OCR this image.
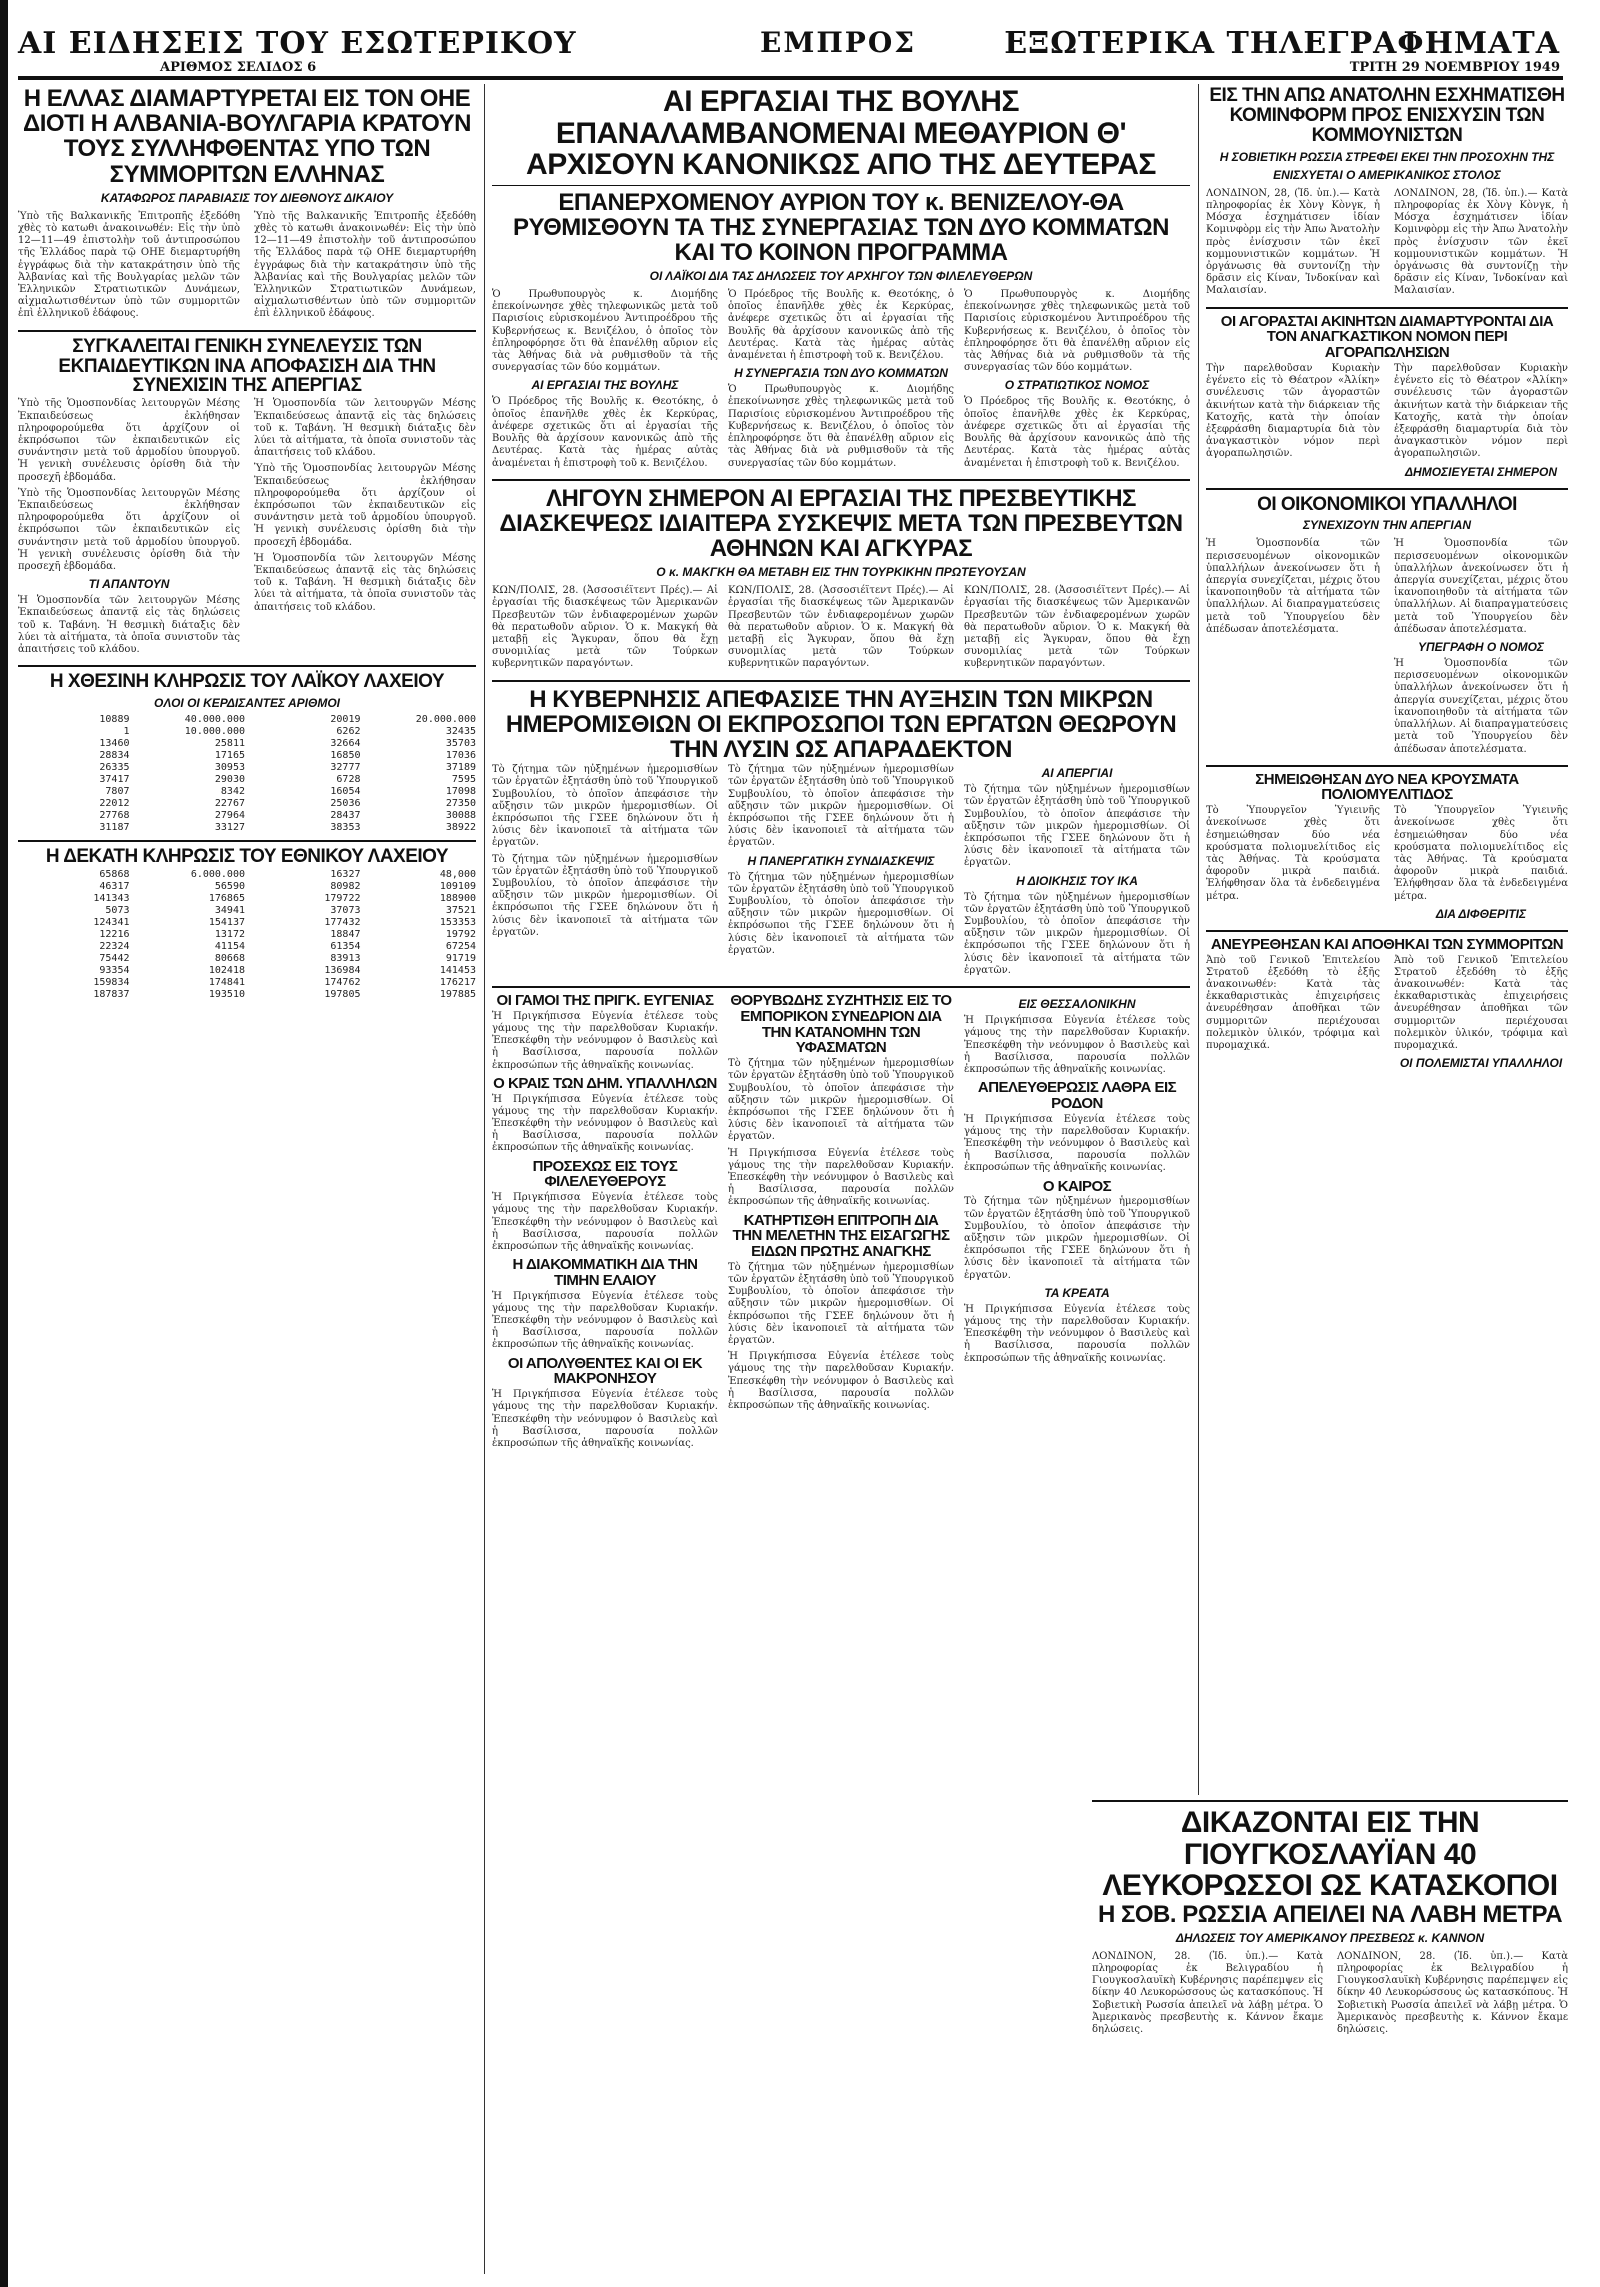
ΑΙ ΕΙΔΗΣΕΙΣ ΤΟΥ ΕΣΩΤΕΡΙΚΟΥ	ΕΜΠΡΟΣ	ΕΞΩΤΕΡΙΚΑ ΤΗΛΕΓΡΑΦΗΜΑΤΑ
ΑΡΙΘΜΟΣ ΣΕΛΙΔΟΣ 6	ΤΡΙΤΗ 29 ΝΟΕΜΒΡΙΟΥ 1949
Η ΕΛΛΑΣ ΔΙΑΜΑΡΤΥΡΕΤΑΙ ΕΙΣ ΤΟΝ ΟΗΕ ΔΙΟΤΙ Η ΑΛΒΑΝΙΑ-ΒΟΥΛΓΑΡΙΑ ΚΡΑΤΟΥΝ ΤΟΥΣ ΣΥΛΛΗΦΘΕΝΤΑΣ ΥΠΟ ΤΩΝ ΣΥΜΜΟΡΙΤΩΝ ΕΛΛΗΝΑΣ
ΚΑΤΑΦΩΡΟΣ ΠΑΡΑΒΙΑΣΙΣ ΤΟΥ ΔΙΕΘΝΟΥΣ ΔΙΚΑΙΟΥ

Ὑπὸ τῆς Βαλκανικῆς Ἐπιτροπῆς ἐξεδόθη χθὲς τὸ κατωθι ἀνακοινωθέν: Εἰς τὴν ὑπὸ 12—11—49 ἐπιστολὴν τοῦ ἀντιπροσώπου τῆς Ἑλλάδος παρὰ τῷ ΟΗΕ διεμαρτυρήθη ἐγγράφως διὰ τὴν κατακράτησιν ὑπὸ τῆς Ἀλβανίας καὶ τῆς Βουλγαρίας μελῶν τῶν Ἑλληνικῶν Στρατιωτικῶν Δυνάμεων, αἰχμαλωτισθέντων ὑπὸ τῶν συμμοριτῶν ἐπὶ ἑλληνικοῦ ἐδάφους.

Ὑπὸ τῆς Βαλκανικῆς Ἐπιτροπῆς ἐξεδόθη χθὲς τὸ κατωθι ἀνακοινωθέν: Εἰς τὴν ὑπὸ 12—11—49 ἐπιστολὴν τοῦ ἀντιπροσώπου τῆς Ἑλλάδος παρὰ τῷ ΟΗΕ διεμαρτυρήθη ἐγγράφως διὰ τὴν κατακράτησιν ὑπὸ τῆς Ἀλβανίας καὶ τῆς Βουλγαρίας μελῶν τῶν Ἑλληνικῶν Στρατιωτικῶν Δυνάμεων, αἰχμαλωτισθέντων ὑπὸ τῶν συμμοριτῶν ἐπὶ ἑλληνικοῦ ἐδάφους.

ΣΥΓΚΑΛΕΙΤΑΙ ΓΕΝΙΚΗ ΣΥΝΕΛΕΥΣΙΣ ΤΩΝ ΕΚΠΑΙΔΕΥΤΙΚΩΝ ΙΝΑ ΑΠΟΦΑΣΙΣΗ ΔΙΑ ΤΗΝ ΣΥΝΕΧΙΣΙΝ ΤΗΣ ΑΠΕΡΓΙΑΣ

Ὑπὸ τῆς Ὁμοσπονδίας λειτουργῶν Μέσης Ἐκπαιδεύσεως ἐκλήθησαν πληροφορούμεθα ὅτι ἀρχίζουν οἱ ἐκπρόσωποι τῶν ἐκπαιδευτικῶν εἰς συνάντησιν μετὰ τοῦ ἁρμοδίου ὑπουργοῦ. Ἡ γενικὴ συνέλευσις ὁρίσθη διὰ τὴν προσεχῆ ἑβδομάδα.

Ὑπὸ τῆς Ὁμοσπονδίας λειτουργῶν Μέσης Ἐκπαιδεύσεως ἐκλήθησαν πληροφορούμεθα ὅτι ἀρχίζουν οἱ ἐκπρόσωποι τῶν ἐκπαιδευτικῶν εἰς συνάντησιν μετὰ τοῦ ἁρμοδίου ὑπουργοῦ. Ἡ γενικὴ συνέλευσις ὁρίσθη διὰ τὴν προσεχῆ ἑβδομάδα.

ΤΙ ΑΠΑΝΤΟΥΝ

Ἡ Ὁμοσπονδία τῶν λειτουργῶν Μέσης Ἐκπαιδεύσεως ἀπαντᾷ εἰς τὰς δηλώσεις τοῦ κ. Ταβάνη. Ἡ θεσμικὴ διάταξις δὲν λύει τὰ αἰτήματα, τὰ ὁποῖα συνιστοῦν τὰς ἀπαιτήσεις τοῦ κλάδου.

Ἡ Ὁμοσπονδία τῶν λειτουργῶν Μέσης Ἐκπαιδεύσεως ἀπαντᾷ εἰς τὰς δηλώσεις τοῦ κ. Ταβάνη. Ἡ θεσμικὴ διάταξις δὲν λύει τὰ αἰτήματα, τὰ ὁποῖα συνιστοῦν τὰς ἀπαιτήσεις τοῦ κλάδου.

Ὑπὸ τῆς Ὁμοσπονδίας λειτουργῶν Μέσης Ἐκπαιδεύσεως ἐκλήθησαν πληροφορούμεθα ὅτι ἀρχίζουν οἱ ἐκπρόσωποι τῶν ἐκπαιδευτικῶν εἰς συνάντησιν μετὰ τοῦ ἁρμοδίου ὑπουργοῦ. Ἡ γενικὴ συνέλευσις ὁρίσθη διὰ τὴν προσεχῆ ἑβδομάδα.

Ἡ Ὁμοσπονδία τῶν λειτουργῶν Μέσης Ἐκπαιδεύσεως ἀπαντᾷ εἰς τὰς δηλώσεις τοῦ κ. Ταβάνη. Ἡ θεσμικὴ διάταξις δὲν λύει τὰ αἰτήματα, τὰ ὁποῖα συνιστοῦν τὰς ἀπαιτήσεις τοῦ κλάδου.

Η ΧΘΕΣΙΝΗ ΚΛΗΡΩΣΙΣ ΤΟΥ ΛΑΪΚΟΥ ΛΑΧΕΙΟΥ
ΟΛΟΙ ΟΙ ΚΕΡΔΙΣΑΝΤΕΣ ΑΡΙΘΜΟΙ
10889	40.000.000	20019	20.000.000
1	10.000.000	6262	32435
13460	25811	32664	35703
28834	17165	16850	17036
26335	30953	32777	37189
37417	29030	6728	7595
7807	8342	16054	17098
22012	22767	25036	27350
27768	27964	28437	30088
31187	33127	38353	38922
Η ΔΕΚΑΤΗ ΚΛΗΡΩΣΙΣ ΤΟΥ ΕΘΝΙΚΟΥ ΛΑΧΕΙΟΥ
65868	6.000.000	16327	48,000
46317	56590	80982	109109
141343	176865	179722	188900
5073	34941	37073	37521
124341	154137	177432	153353
12216	13172	18847	19792
22324	41154	61354	67254
75442	80668	83913	91719
93354	102418	136984	141453
159834	174841	174762	176217
187837	193510	197805	197885
ΑΙ ΕΡΓΑΣΙΑΙ ΤΗΣ ΒΟΥΛΗΣ ΕΠΑΝΑΛΑΜΒΑΝΟΜΕΝΑΙ ΜΕΘΑΥΡΙΟΝ Θ' ΑΡΧΙΣΟΥΝ ΚΑΝΟΝΙΚΩΣ ΑΠΟ ΤΗΣ ΔΕΥΤΕΡΑΣ
ΕΠΑΝΕΡΧΟΜΕΝΟΥ ΑΥΡΙΟΝ ΤΟΥ κ. ΒΕΝΙΖΕΛΟΥ-ΘΑ ΡΥΘΜΙΣΘΟΥΝ ΤΑ ΤΗΣ ΣΥΝΕΡΓΑΣΙΑΣ ΤΩΝ ΔΥΟ ΚΟΜΜΑΤΩΝ ΚΑΙ ΤΟ ΚΟΙΝΟΝ ΠΡΟΓΡΑΜΜΑ
ΟΙ ΛΑΪΚΟΙ ΔΙΑ ΤΑΣ ΔΗΛΩΣΕΙΣ ΤΟΥ ΑΡΧΗΓΟΥ ΤΩΝ ΦΙΛΕΛΕΥΘΕΡΩΝ

Ὁ Πρωθυπουργὸς κ. Διομήδης ἐπεκοίνωνησε χθὲς τηλεφωνικῶς μετὰ τοῦ Παρισίοις εὑρισκομένου Ἀντιπροέδρου τῆς Κυβερνήσεως κ. Βενιζέλου, ὁ ὁποῖος τὸν ἐπληροφόρησε ὅτι θὰ ἐπανέλθῃ αὔριον εἰς τὰς Ἀθήνας διὰ νὰ ρυθμισθοῦν τὰ τῆς συνεργασίας τῶν δύο κομμάτων.

ΑΙ ΕΡΓΑΣΙΑΙ ΤΗΣ ΒΟΥΛΗΣ

Ὁ Πρόεδρος τῆς Βουλῆς κ. Θεοτόκης, ὁ ὁποῖος ἐπανῆλθε χθὲς ἐκ Κερκύρας, ἀνέφερε σχετικῶς ὅτι αἱ ἐργασίαι τῆς Βουλῆς θὰ ἀρχίσουν κανονικῶς ἀπὸ τῆς Δευτέρας. Κατὰ τὰς ἡμέρας αὐτὰς ἀναμένεται ἡ ἐπιστροφὴ τοῦ κ. Βενιζέλου.

Ὁ Πρόεδρος τῆς Βουλῆς κ. Θεοτόκης, ὁ ὁποῖος ἐπανῆλθε χθὲς ἐκ Κερκύρας, ἀνέφερε σχετικῶς ὅτι αἱ ἐργασίαι τῆς Βουλῆς θὰ ἀρχίσουν κανονικῶς ἀπὸ τῆς Δευτέρας. Κατὰ τὰς ἡμέρας αὐτὰς ἀναμένεται ἡ ἐπιστροφὴ τοῦ κ. Βενιζέλου.

Η ΣΥΝΕΡΓΑΣΙΑ ΤΩΝ ΔΥΟ ΚΟΜΜΑΤΩΝ

Ὁ Πρωθυπουργὸς κ. Διομήδης ἐπεκοίνωνησε χθὲς τηλεφωνικῶς μετὰ τοῦ Παρισίοις εὑρισκομένου Ἀντιπροέδρου τῆς Κυβερνήσεως κ. Βενιζέλου, ὁ ὁποῖος τὸν ἐπληροφόρησε ὅτι θὰ ἐπανέλθῃ αὔριον εἰς τὰς Ἀθήνας διὰ νὰ ρυθμισθοῦν τὰ τῆς συνεργασίας τῶν δύο κομμάτων.

Ὁ Πρωθυπουργὸς κ. Διομήδης ἐπεκοίνωνησε χθὲς τηλεφωνικῶς μετὰ τοῦ Παρισίοις εὑρισκομένου Ἀντιπροέδρου τῆς Κυβερνήσεως κ. Βενιζέλου, ὁ ὁποῖος τὸν ἐπληροφόρησε ὅτι θὰ ἐπανέλθῃ αὔριον εἰς τὰς Ἀθήνας διὰ νὰ ρυθμισθοῦν τὰ τῆς συνεργασίας τῶν δύο κομμάτων.

Ο ΣΤΡΑΤΙΩΤΙΚΟΣ ΝΟΜΟΣ

Ὁ Πρόεδρος τῆς Βουλῆς κ. Θεοτόκης, ὁ ὁποῖος ἐπανῆλθε χθὲς ἐκ Κερκύρας, ἀνέφερε σχετικῶς ὅτι αἱ ἐργασίαι τῆς Βουλῆς θὰ ἀρχίσουν κανονικῶς ἀπὸ τῆς Δευτέρας. Κατὰ τὰς ἡμέρας αὐτὰς ἀναμένεται ἡ ἐπιστροφὴ τοῦ κ. Βενιζέλου.

ΛΗΓΟΥΝ ΣΗΜΕΡΟΝ ΑΙ ΕΡΓΑΣΙΑΙ ΤΗΣ ΠΡΕΣΒΕΥΤΙΚΗΣ ΔΙΑΣΚΕΨΕΩΣ ΙΔΙΑΙΤΕΡΑ ΣΥΣΚΕΨΙΣ ΜΕΤΑ ΤΩΝ ΠΡΕΣΒΕΥΤΩΝ ΑΘΗΝΩΝ ΚΑΙ ΑΓΚΥΡΑΣ
Ο κ. ΜΑΚΓΚΗ ΘΑ ΜΕΤΑΒΗ ΕΙΣ ΤΗΝ ΤΟΥΡΚΙΚΗΝ ΠΡΩΤΕΥΟΥΣΑΝ

ΚΩΝ/ΠΟΛΙΣ, 28. (Ἀσσοσιέϊτεντ Πρές).— Αἱ ἐργασίαι τῆς διασκέψεως τῶν Ἀμερικανῶν Πρεσβευτῶν τῶν ἐνδιαφερομένων χωρῶν θὰ περατωθοῦν αὔριον. Ὁ κ. Μακγκή θὰ μεταβῇ εἰς Ἄγκυραν, ὅπου θὰ ἔχῃ συνομιλίας μετὰ τῶν Τούρκων κυβερνητικῶν παραγόντων.

ΚΩΝ/ΠΟΛΙΣ, 28. (Ἀσσοσιέϊτεντ Πρές).— Αἱ ἐργασίαι τῆς διασκέψεως τῶν Ἀμερικανῶν Πρεσβευτῶν τῶν ἐνδιαφερομένων χωρῶν θὰ περατωθοῦν αὔριον. Ὁ κ. Μακγκή θὰ μεταβῇ εἰς Ἄγκυραν, ὅπου θὰ ἔχῃ συνομιλίας μετὰ τῶν Τούρκων κυβερνητικῶν παραγόντων.

ΚΩΝ/ΠΟΛΙΣ, 28. (Ἀσσοσιέϊτεντ Πρές).— Αἱ ἐργασίαι τῆς διασκέψεως τῶν Ἀμερικανῶν Πρεσβευτῶν τῶν ἐνδιαφερομένων χωρῶν θὰ περατωθοῦν αὔριον. Ὁ κ. Μακγκή θὰ μεταβῇ εἰς Ἄγκυραν, ὅπου θὰ ἔχῃ συνομιλίας μετὰ τῶν Τούρκων κυβερνητικῶν παραγόντων.

Η ΚΥΒΕΡΝΗΣΙΣ ΑΠΕΦΑΣΙΣΕ ΤΗΝ ΑΥΞΗΣΙΝ ΤΩΝ ΜΙΚΡΩΝ ΗΜΕΡΟΜΙΣΘΙΩΝ ΟΙ ΕΚΠΡΟΣΩΠΟΙ ΤΩΝ ΕΡΓΑΤΩΝ ΘΕΩΡΟΥΝ ΤΗΝ ΛΥΣΙΝ ΩΣ ΑΠΑΡΑΔΕΚΤΟΝ

Τὸ ζήτημα τῶν ηὐξημένων ἡμερομισθίων τῶν ἐργατῶν ἐξητάσθη ὑπὸ τοῦ Ὑπουργικοῦ Συμβουλίου, τὸ ὁποῖον ἀπεφάσισε τὴν αὔξησιν τῶν μικρῶν ἡμερομισθίων. Οἱ ἐκπρόσωποι τῆς ΓΣΕΕ δηλώνουν ὅτι ἡ λύσις δὲν ἱκανοποιεῖ τὰ αἰτήματα τῶν ἐργατῶν.

Τὸ ζήτημα τῶν ηὐξημένων ἡμερομισθίων τῶν ἐργατῶν ἐξητάσθη ὑπὸ τοῦ Ὑπουργικοῦ Συμβουλίου, τὸ ὁποῖον ἀπεφάσισε τὴν αὔξησιν τῶν μικρῶν ἡμερομισθίων. Οἱ ἐκπρόσωποι τῆς ΓΣΕΕ δηλώνουν ὅτι ἡ λύσις δὲν ἱκανοποιεῖ τὰ αἰτήματα τῶν ἐργατῶν.

Τὸ ζήτημα τῶν ηὐξημένων ἡμερομισθίων τῶν ἐργατῶν ἐξητάσθη ὑπὸ τοῦ Ὑπουργικοῦ Συμβουλίου, τὸ ὁποῖον ἀπεφάσισε τὴν αὔξησιν τῶν μικρῶν ἡμερομισθίων. Οἱ ἐκπρόσωποι τῆς ΓΣΕΕ δηλώνουν ὅτι ἡ λύσις δὲν ἱκανοποιεῖ τὰ αἰτήματα τῶν ἐργατῶν.

Η ΠΑΝΕΡΓΑΤΙΚΗ ΣΥΝΔΙΑΣΚΕΨΙΣ

Τὸ ζήτημα τῶν ηὐξημένων ἡμερομισθίων τῶν ἐργατῶν ἐξητάσθη ὑπὸ τοῦ Ὑπουργικοῦ Συμβουλίου, τὸ ὁποῖον ἀπεφάσισε τὴν αὔξησιν τῶν μικρῶν ἡμερομισθίων. Οἱ ἐκπρόσωποι τῆς ΓΣΕΕ δηλώνουν ὅτι ἡ λύσις δὲν ἱκανοποιεῖ τὰ αἰτήματα τῶν ἐργατῶν.

ΑΙ ΑΠΕΡΓΙΑΙ

Τὸ ζήτημα τῶν ηὐξημένων ἡμερομισθίων τῶν ἐργατῶν ἐξητάσθη ὑπὸ τοῦ Ὑπουργικοῦ Συμβουλίου, τὸ ὁποῖον ἀπεφάσισε τὴν αὔξησιν τῶν μικρῶν ἡμερομισθίων. Οἱ ἐκπρόσωποι τῆς ΓΣΕΕ δηλώνουν ὅτι ἡ λύσις δὲν ἱκανοποιεῖ τὰ αἰτήματα τῶν ἐργατῶν.

Η ΔΙΟΙΚΗΣΙΣ ΤΟΥ ΙΚΑ

Τὸ ζήτημα τῶν ηὐξημένων ἡμερομισθίων τῶν ἐργατῶν ἐξητάσθη ὑπὸ τοῦ Ὑπουργικοῦ Συμβουλίου, τὸ ὁποῖον ἀπεφάσισε τὴν αὔξησιν τῶν μικρῶν ἡμερομισθίων. Οἱ ἐκπρόσωποι τῆς ΓΣΕΕ δηλώνουν ὅτι ἡ λύσις δὲν ἱκανοποιεῖ τὰ αἰτήματα τῶν ἐργατῶν.

ΟΙ ΓΑΜΟΙ ΤΗΣ ΠΡΙΓΚ. ΕΥΓΕΝΙΑΣ

Ἡ Πριγκήπισσα Εὐγενία ἐτέλεσε τοὺς γάμους της τὴν παρελθοῦσαν Κυριακήν. Ἐπεσκέφθη τὴν νεόνυμφον ὁ Βασιλεὺς καὶ ἡ Βασίλισσα, παρουσία πολλῶν ἐκπροσώπων τῆς ἀθηναϊκῆς κοινωνίας.

Ο ΚΡΑΙΣ ΤΩΝ ΔΗΜ. ΥΠΑΛΛΗΛΩΝ

Ἡ Πριγκήπισσα Εὐγενία ἐτέλεσε τοὺς γάμους της τὴν παρελθοῦσαν Κυριακήν. Ἐπεσκέφθη τὴν νεόνυμφον ὁ Βασιλεὺς καὶ ἡ Βασίλισσα, παρουσία πολλῶν ἐκπροσώπων τῆς ἀθηναϊκῆς κοινωνίας.

ΠΡΟΣΕΧΩΣ ΕΙΣ ΤΟΥΣ ΦΙΛΕΛΕΥΘΕΡΟΥΣ

Ἡ Πριγκήπισσα Εὐγενία ἐτέλεσε τοὺς γάμους της τὴν παρελθοῦσαν Κυριακήν. Ἐπεσκέφθη τὴν νεόνυμφον ὁ Βασιλεὺς καὶ ἡ Βασίλισσα, παρουσία πολλῶν ἐκπροσώπων τῆς ἀθηναϊκῆς κοινωνίας.

Η ΔΙΑΚΟΜΜΑΤΙΚΗ ΔΙΑ ΤΗΝ ΤΙΜΗΝ ΕΛΑΙΟΥ

Ἡ Πριγκήπισσα Εὐγενία ἐτέλεσε τοὺς γάμους της τὴν παρελθοῦσαν Κυριακήν. Ἐπεσκέφθη τὴν νεόνυμφον ὁ Βασιλεὺς καὶ ἡ Βασίλισσα, παρουσία πολλῶν ἐκπροσώπων τῆς ἀθηναϊκῆς κοινωνίας.

ΟΙ ΑΠΟΛΥΘΕΝΤΕΣ ΚΑΙ ΟΙ ΕΚ ΜΑΚΡΟΝΗΣΟΥ

Ἡ Πριγκήπισσα Εὐγενία ἐτέλεσε τοὺς γάμους της τὴν παρελθοῦσαν Κυριακήν. Ἐπεσκέφθη τὴν νεόνυμφον ὁ Βασιλεὺς καὶ ἡ Βασίλισσα, παρουσία πολλῶν ἐκπροσώπων τῆς ἀθηναϊκῆς κοινωνίας.

ΘΟΡΥΒΩΔΗΣ ΣΥΖΗΤΗΣΙΣ ΕΙΣ ΤΟ ΕΜΠΟΡΙΚΟΝ ΣΥΝΕΔΡΙΟΝ ΔΙΑ ΤΗΝ ΚΑΤΑΝΟΜΗΝ ΤΩΝ ΥΦΑΣΜΑΤΩΝ

Τὸ ζήτημα τῶν ηὐξημένων ἡμερομισθίων τῶν ἐργατῶν ἐξητάσθη ὑπὸ τοῦ Ὑπουργικοῦ Συμβουλίου, τὸ ὁποῖον ἀπεφάσισε τὴν αὔξησιν τῶν μικρῶν ἡμερομισθίων. Οἱ ἐκπρόσωποι τῆς ΓΣΕΕ δηλώνουν ὅτι ἡ λύσις δὲν ἱκανοποιεῖ τὰ αἰτήματα τῶν ἐργατῶν.

Ἡ Πριγκήπισσα Εὐγενία ἐτέλεσε τοὺς γάμους της τὴν παρελθοῦσαν Κυριακήν. Ἐπεσκέφθη τὴν νεόνυμφον ὁ Βασιλεὺς καὶ ἡ Βασίλισσα, παρουσία πολλῶν ἐκπροσώπων τῆς ἀθηναϊκῆς κοινωνίας.

ΚΑΤΗΡΤΙΣΘΗ ΕΠΙΤΡΟΠΗ ΔΙΑ ΤΗΝ ΜΕΛΕΤΗΝ ΤΗΣ ΕΙΣΑΓΩΓΗΣ ΕΙΔΩΝ ΠΡΩΤΗΣ ΑΝΑΓΚΗΣ

Τὸ ζήτημα τῶν ηὐξημένων ἡμερομισθίων τῶν ἐργατῶν ἐξητάσθη ὑπὸ τοῦ Ὑπουργικοῦ Συμβουλίου, τὸ ὁποῖον ἀπεφάσισε τὴν αὔξησιν τῶν μικρῶν ἡμερομισθίων. Οἱ ἐκπρόσωποι τῆς ΓΣΕΕ δηλώνουν ὅτι ἡ λύσις δὲν ἱκανοποιεῖ τὰ αἰτήματα τῶν ἐργατῶν.

Ἡ Πριγκήπισσα Εὐγενία ἐτέλεσε τοὺς γάμους της τὴν παρελθοῦσαν Κυριακήν. Ἐπεσκέφθη τὴν νεόνυμφον ὁ Βασιλεὺς καὶ ἡ Βασίλισσα, παρουσία πολλῶν ἐκπροσώπων τῆς ἀθηναϊκῆς κοινωνίας.

ΕΙΣ ΘΕΣΣΑΛΟΝΙΚΗΝ

Ἡ Πριγκήπισσα Εὐγενία ἐτέλεσε τοὺς γάμους της τὴν παρελθοῦσαν Κυριακήν. Ἐπεσκέφθη τὴν νεόνυμφον ὁ Βασιλεὺς καὶ ἡ Βασίλισσα, παρουσία πολλῶν ἐκπροσώπων τῆς ἀθηναϊκῆς κοινωνίας.

ΑΠΕΛΕΥΘΕΡΩΣΙΣ ΛΑΘΡΑ ΕΙΣ ΡΟΔΟΝ

Ἡ Πριγκήπισσα Εὐγενία ἐτέλεσε τοὺς γάμους της τὴν παρελθοῦσαν Κυριακήν. Ἐπεσκέφθη τὴν νεόνυμφον ὁ Βασιλεὺς καὶ ἡ Βασίλισσα, παρουσία πολλῶν ἐκπροσώπων τῆς ἀθηναϊκῆς κοινωνίας.

Ο ΚΑΙΡΟΣ

Τὸ ζήτημα τῶν ηὐξημένων ἡμερομισθίων τῶν ἐργατῶν ἐξητάσθη ὑπὸ τοῦ Ὑπουργικοῦ Συμβουλίου, τὸ ὁποῖον ἀπεφάσισε τὴν αὔξησιν τῶν μικρῶν ἡμερομισθίων. Οἱ ἐκπρόσωποι τῆς ΓΣΕΕ δηλώνουν ὅτι ἡ λύσις δὲν ἱκανοποιεῖ τὰ αἰτήματα τῶν ἐργατῶν.

ΤΑ ΚΡΕΑΤΑ

Ἡ Πριγκήπισσα Εὐγενία ἐτέλεσε τοὺς γάμους της τὴν παρελθοῦσαν Κυριακήν. Ἐπεσκέφθη τὴν νεόνυμφον ὁ Βασιλεὺς καὶ ἡ Βασίλισσα, παρουσία πολλῶν ἐκπροσώπων τῆς ἀθηναϊκῆς κοινωνίας.

ΕΙΣ ΤΗΝ ΑΠΩ ΑΝΑΤΟΛΗΝ ΕΣΧΗΜΑΤΙΣΘΗ ΚΟΜΙΝΦΟΡΜ ΠΡΟΣ ΕΝΙΣΧΥΣΙΝ ΤΩΝ ΚΟΜΜΟΥΝΙΣΤΩΝ
Η ΣΟΒΙΕΤΙΚΗ ΡΩΣΣΙΑ ΣΤΡΕΦΕΙ ΕΚΕΙ ΤΗΝ ΠΡΟΣΟΧΗΝ ΤΗΣ
ΕΝΙΣΧΥΕΤΑΙ Ο ΑΜΕΡΙΚΑΝΙΚΟΣ ΣΤΟΛΟΣ

ΛΟΝΔΙΝΟΝ, 28, (Ἰδ. ὑπ.).— Κατὰ πληροφορίας ἐκ Χὸνγ Κὸνγκ, ἡ Μόσχα ἐσχημάτισεν ἰδίαν Κομινφὸρμ εἰς τὴν Ἀπω Ἀνατολὴν πρὸς ἐνίσχυσιν τῶν ἐκεῖ κομμουνιστικῶν κομμάτων. Ἡ ὀργάνωσις θὰ συντονίζῃ τὴν δρᾶσιν εἰς Κίναν, Ἰνδοκίναν καὶ Μαλαισίαν.

ΛΟΝΔΙΝΟΝ, 28, (Ἰδ. ὑπ.).— Κατὰ πληροφορίας ἐκ Χὸνγ Κὸνγκ, ἡ Μόσχα ἐσχημάτισεν ἰδίαν Κομινφὸρμ εἰς τὴν Ἀπω Ἀνατολὴν πρὸς ἐνίσχυσιν τῶν ἐκεῖ κομμουνιστικῶν κομμάτων. Ἡ ὀργάνωσις θὰ συντονίζῃ τὴν δρᾶσιν εἰς Κίναν, Ἰνδοκίναν καὶ Μαλαισίαν.

ΟΙ ΑΓΟΡΑΣΤΑΙ ΑΚΙΝΗΤΩΝ ΔΙΑΜΑΡΤΥΡΟΝΤΑΙ ΔΙΑ ΤΟΝ ΑΝΑΓΚΑΣΤΙΚΟΝ ΝΟΜΟΝ ΠΕΡΙ ΑΓΟΡΑΠΩΛΗΣΙΩΝ

Τὴν παρελθοῦσαν Κυριακὴν ἐγένετο εἰς τὸ Θέατρον «Ἀλίκη» συνέλευσις τῶν ἀγοραστῶν ἀκινήτων κατὰ τὴν διάρκειαν τῆς Κατοχῆς, κατὰ τὴν ὁποίαν ἐξεφράσθη διαμαρτυρία διὰ τὸν ἀναγκαστικὸν νόμον περὶ ἀγοραπωλησιῶν.

Τὴν παρελθοῦσαν Κυριακὴν ἐγένετο εἰς τὸ Θέατρον «Ἀλίκη» συνέλευσις τῶν ἀγοραστῶν ἀκινήτων κατὰ τὴν διάρκειαν τῆς Κατοχῆς, κατὰ τὴν ὁποίαν ἐξεφράσθη διαμαρτυρία διὰ τὸν ἀναγκαστικὸν νόμον περὶ ἀγοραπωλησιῶν.

ΔΗΜΟΣΙΕΥΕΤΑΙ ΣΗΜΕΡΟΝ
ΟΙ ΟΙΚΟΝΟΜΙΚΟΙ ΥΠΑΛΛΗΛΟΙ
ΣΥΝΕΧΙΖΟΥΝ ΤΗΝ ΑΠΕΡΓΙΑΝ

Ἡ Ὁμοσπονδία τῶν περισσευομένων οἰκονομικῶν ὑπαλλήλων ἀνεκοίνωσεν ὅτι ἡ ἀπεργία συνεχίζεται, μέχρις ὅτου ἱκανοποιηθοῦν τὰ αἰτήματα τῶν ὑπαλλήλων. Αἱ διαπραγματεύσεις μετὰ τοῦ Ὑπουργείου δὲν ἀπέδωσαν ἀποτελέσματα.

Ἡ Ὁμοσπονδία τῶν περισσευομένων οἰκονομικῶν ὑπαλλήλων ἀνεκοίνωσεν ὅτι ἡ ἀπεργία συνεχίζεται, μέχρις ὅτου ἱκανοποιηθοῦν τὰ αἰτήματα τῶν ὑπαλλήλων. Αἱ διαπραγματεύσεις μετὰ τοῦ Ὑπουργείου δὲν ἀπέδωσαν ἀποτελέσματα.

ΥΠΕΓΡΑΦΗ Ο ΝΟΜΟΣ

Ἡ Ὁμοσπονδία τῶν περισσευομένων οἰκονομικῶν ὑπαλλήλων ἀνεκοίνωσεν ὅτι ἡ ἀπεργία συνεχίζεται, μέχρις ὅτου ἱκανοποιηθοῦν τὰ αἰτήματα τῶν ὑπαλλήλων. Αἱ διαπραγματεύσεις μετὰ τοῦ Ὑπουργείου δὲν ἀπέδωσαν ἀποτελέσματα.

ΣΗΜΕΙΩΘΗΣΑΝ ΔΥΟ ΝΕΑ ΚΡΟΥΣΜΑΤΑ ΠΟΛΙΟΜΥΕΛΙΤΙΔΟΣ

Τὸ Ὑπουργεῖον Ὑγιεινῆς ἀνεκοίνωσε χθὲς ὅτι ἐσημειώθησαν δύο νέα κρούσματα πολιομυελίτιδος εἰς τὰς Ἀθήνας. Τὰ κρούσματα ἀφοροῦν μικρὰ παιδιά. Ἐλήφθησαν ὅλα τὰ ἐνδεδειγμένα μέτρα.

Τὸ Ὑπουργεῖον Ὑγιεινῆς ἀνεκοίνωσε χθὲς ὅτι ἐσημειώθησαν δύο νέα κρούσματα πολιομυελίτιδος εἰς τὰς Ἀθήνας. Τὰ κρούσματα ἀφοροῦν μικρὰ παιδιά. Ἐλήφθησαν ὅλα τὰ ἐνδεδειγμένα μέτρα.

ΔΙΑ ΔΙΦΘΕΡΙΤΙΣ
ΑΝΕΥΡΕΘΗΣΑΝ ΚΑΙ ΑΠΟΘΗΚΑΙ ΤΩΝ ΣΥΜΜΟΡΙΤΩΝ

Ἀπὸ τοῦ Γενικοῦ Ἐπιτελείου Στρατοῦ ἐξεδόθη τὸ ἑξῆς ἀνακοινωθέν: Κατὰ τὰς ἐκκαθαριστικὰς ἐπιχειρήσεις ἀνευρέθησαν ἀποθῆκαι τῶν συμμοριτῶν περιέχουσαι πολεμικὸν ὑλικόν, τρόφιμα καὶ πυρομαχικά.

Ἀπὸ τοῦ Γενικοῦ Ἐπιτελείου Στρατοῦ ἐξεδόθη τὸ ἑξῆς ἀνακοινωθέν: Κατὰ τὰς ἐκκαθαριστικὰς ἐπιχειρήσεις ἀνευρέθησαν ἀποθῆκαι τῶν συμμοριτῶν περιέχουσαι πολεμικὸν ὑλικόν, τρόφιμα καὶ πυρομαχικά.

ΟΙ ΠΟΛΕΜΙΣΤΑΙ ΥΠΑΛΛΗΛΟΙ
ΔΙΚΑΖΟΝΤΑΙ ΕΙΣ ΤΗΝ ΓΙΟΥΓΚΟΣΛΑΥΪΑΝ 40 ΛΕΥΚΟΡΩΣΣΟΙ ΩΣ ΚΑΤΑΣΚΟΠΟΙ
Η ΣΟΒ. ΡΩΣΣΙΑ ΑΠΕΙΛΕΙ ΝΑ ΛΑΒΗ ΜΕΤΡΑ
ΔΗΛΩΣΕΙΣ ΤΟΥ ΑΜΕΡΙΚΑΝΟΥ ΠΡΕΣΒΕΩΣ κ. ΚΑΝΝΟΝ

ΛΟΝΔΙΝΟΝ, 28. (Ἰδ. ὑπ.).— Κατὰ πληροφορίας ἐκ Βελιγραδίου ἡ Γιουγκοσλαυϊκὴ Κυβέρνησις παρέπεμψεν εἰς δίκην 40 Λευκορώσσους ὡς κατασκόπους. Ἡ Σοβιετικὴ Ρωσσία ἀπειλεῖ νὰ λάβῃ μέτρα. Ὁ Ἀμερικανὸς πρεσβευτὴς κ. Κάννον ἔκαμε δηλώσεις.

ΛΟΝΔΙΝΟΝ, 28. (Ἰδ. ὑπ.).— Κατὰ πληροφορίας ἐκ Βελιγραδίου ἡ Γιουγκοσλαυϊκὴ Κυβέρνησις παρέπεμψεν εἰς δίκην 40 Λευκορώσσους ὡς κατασκόπους. Ἡ Σοβιετικὴ Ρωσσία ἀπειλεῖ νὰ λάβῃ μέτρα. Ὁ Ἀμερικανὸς πρεσβευτὴς κ. Κάννον ἔκαμε δηλώσεις.
